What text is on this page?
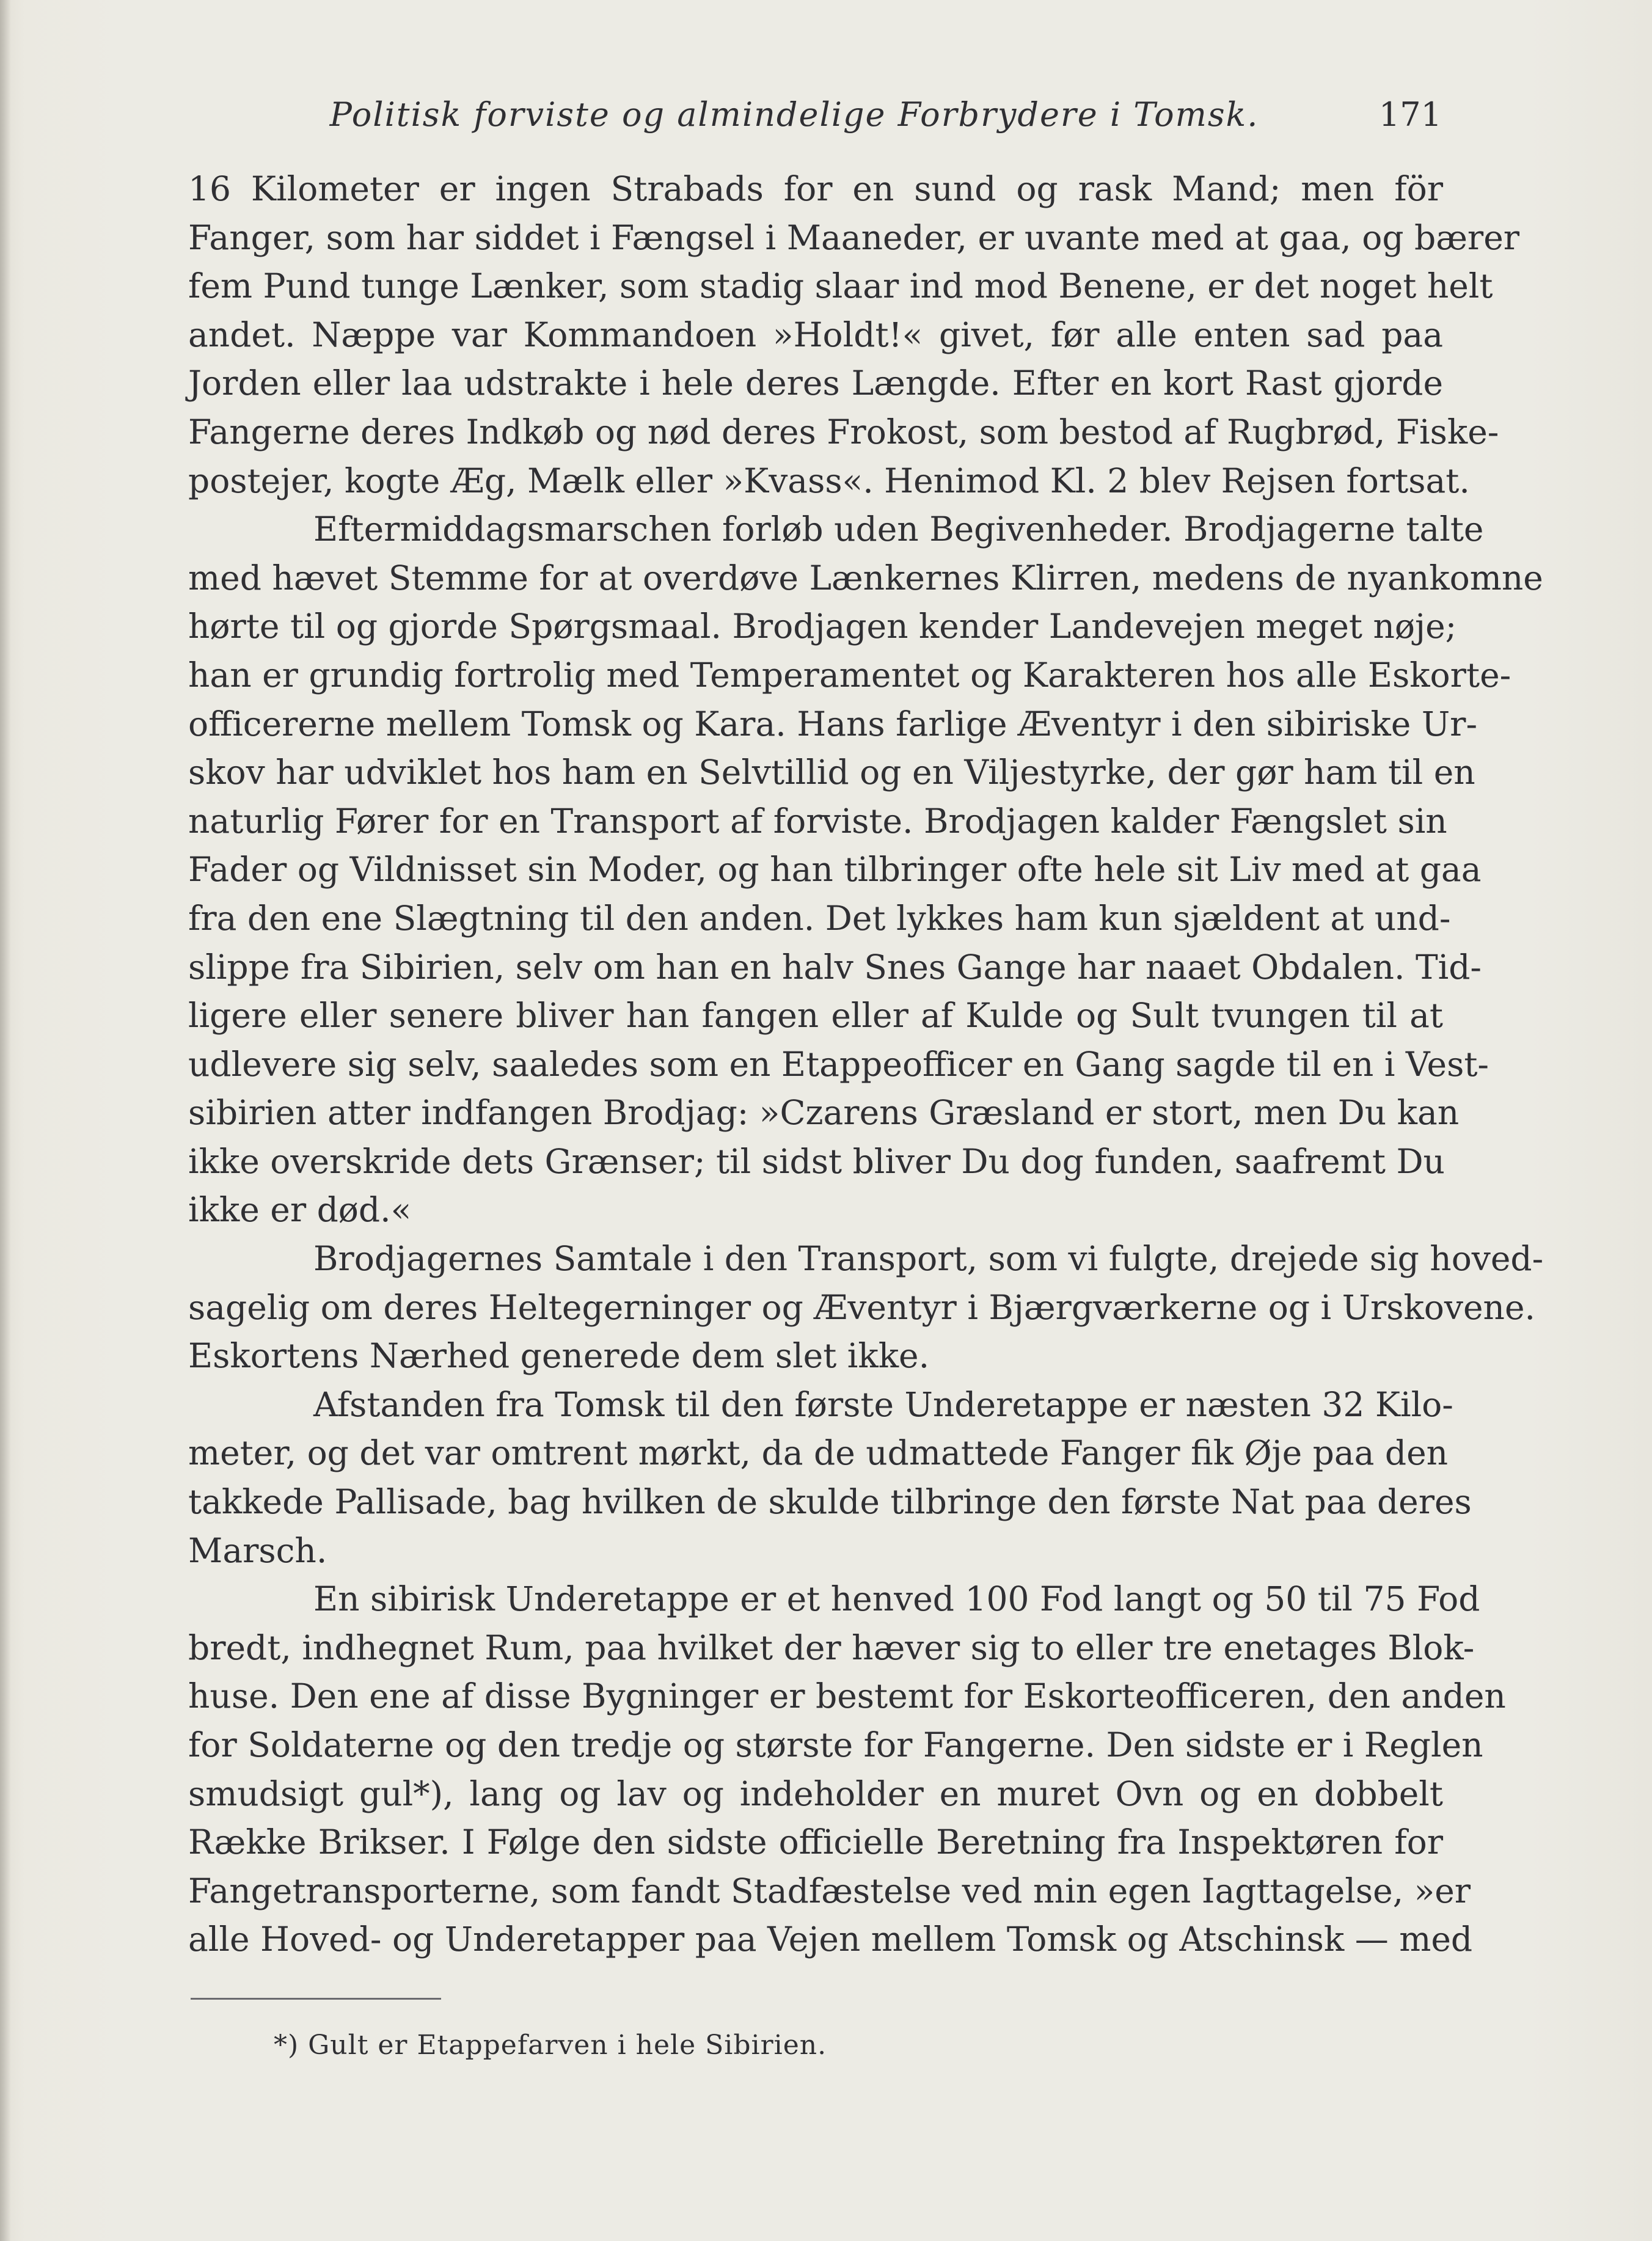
Politisk forviste og almindelige Forbrydere i Tomsk.	171
16 Kilometer er ingen Strabads for en sund og rask Mand; men för
Fanger, som har siddet i Fængsel i Maaneder, er uvante med at gaa, og bærer
fem Pund tunge Lænker, som stadig slaar ind mod Benene, er det noget helt
andet. Næppe var Kommandoen »Holdt!« givet, før alle enten sad paa
Jorden eller laa udstrakte i hele deres Længde. Efter en kort Rast gjorde
Fangerne deres Indkøb og nød deres Frokost, som bestod af Rugbrød, Fiske-
postejer, kogte Æg, Mælk eller »Kvass«. Henimod Kl. 2 blev Rejsen fortsat.
Eftermiddagsmarschen forløb uden Begivenheder. Brodjagerne talte
med hævet Stemme for at overdøve Lænkernes Klirren, medens de nyankomne
hørte til og gjorde Spørgsmaal. Brodjagen kender Landevejen meget nøje;
han er grundig fortrolig med Temperamentet og Karakteren hos alle Eskorte-
officererne mellem Tomsk og Kara. Hans farlige Æventyr i den sibiriske Ur-
skov har udviklet hos ham en Selvtillid og en Viljestyrke, der gør ham til en
naturlig Fører for en Transport af forviste. Brodjagen kalder Fængslet sin
Fader og Vildnisset sin Moder, og han tilbringer ofte hele sit Liv med at gaa
fra den ene Slægtning til den anden. Det lykkes ham kun sjældent at und-
slippe fra Sibirien, selv om han en halv Snes Gange har naaet Obdalen. Tid-
ligere eller senere bliver han fangen eller af Kulde og Sult tvungen til at
udlevere sig selv, saaledes som en Etappeofficer en Gang sagde til en i Vest-
sibirien atter indfangen Brodjag: »Czarens Græsland er stort, men Du kan
ikke overskride dets Grænser; til sidst bliver Du dog funden, saafremt Du
ikke er død.«
Brodjagernes Samtale i den Transport, som vi fulgte, drejede sig hoved-
sagelig om deres Heltegerninger og Æventyr i Bjærgværkerne og i Urskovene.
Eskortens Nærhed generede dem slet ikke.
Afstanden fra Tomsk til den første Underetappe er næsten 32 Kilo-
meter, og det var omtrent mørkt, da de udmattede Fanger fik Øje paa den
takkede Pallisade, bag hvilken de skulde tilbringe den første Nat paa deres
Marsch.
En sibirisk Underetappe er et henved 100 Fod langt og 50 til 75 Fod
bredt, indhegnet Rum, paa hvilket der hæver sig to eller tre enetages Blok-
huse. Den ene af disse Bygninger er bestemt for Eskorteofficeren, den anden
for Soldaterne og den tredje og største for Fangerne. Den sidste er i Reglen
smudsigt gul*), lang og lav og indeholder en muret Ovn og en dobbelt
Række Brikser. I Følge den sidste officielle Beretning fra Inspektøren for
Fangetransporterne, som fandt Stadfæstelse ved min egen Iagttagelse, »er
alle Hoved- og Underetapper paa Vejen mellem Tomsk og Atschinsk — med
*) Gult er Etappefarven i hele Sibirien.
